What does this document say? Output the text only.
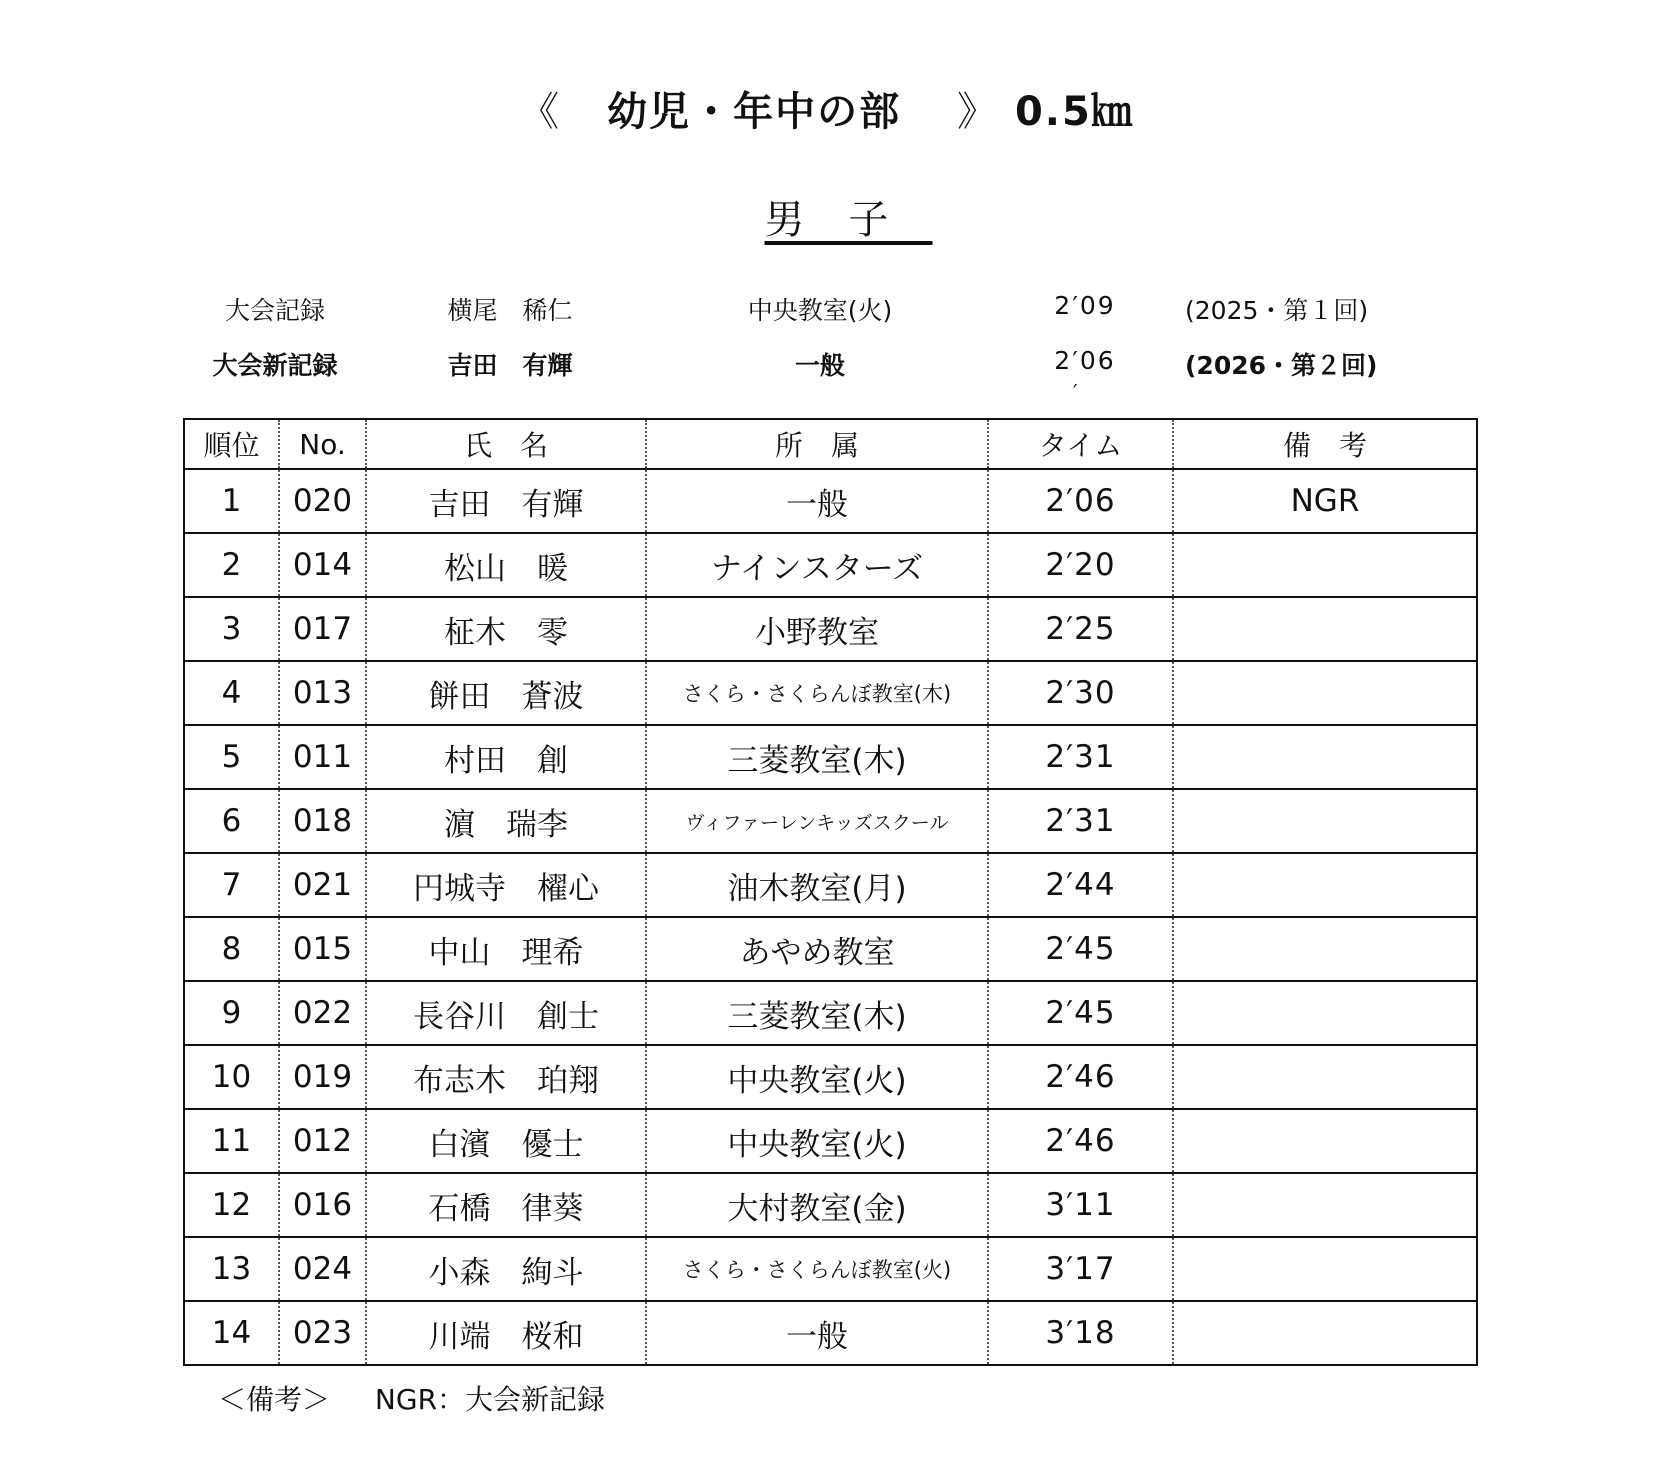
《 幼児・年中の部 》 0.5㎞
男子
大会記録	横尾　稀仁	中央教室(火)	2′09	(2025・第１回)
大会新記録	吉田　有輝	一般	2′06	(2026・第２回)
′
順位	No.	氏　名	所　属	タイム	備　考
1	020	吉田　有輝	一般	2′06	NGR
2	014	松山　暖	ナインスターズ	2′20	
3	017	柾木　零	小野教室	2′25	
4	013	餅田　蒼波	さくら・さくらんぼ教室(木)	2′30	
5	011	村田　創	三菱教室(木)	2′31	
6	018	濵　瑞李	ヴィファーレンキッズスクール	2′31	
7	021	円城寺　櫂心	油木教室(月)	2′44	
8	015	中山　理希	あやめ教室	2′45	
9	022	長谷川　創士	三菱教室(木)	2′45	
10	019	布志木　珀翔	中央教室(火)	2′46	
11	012	白濱　優士	中央教室(火)	2′46	
12	016	石橋　律葵	大村教室(金)	3′11	
13	024	小森　絢斗	さくら・さくらんぼ教室(火)	3′17	
14	023	川端　桜和	一般	3′18	
＜備考＞ NGR：大会新記録
